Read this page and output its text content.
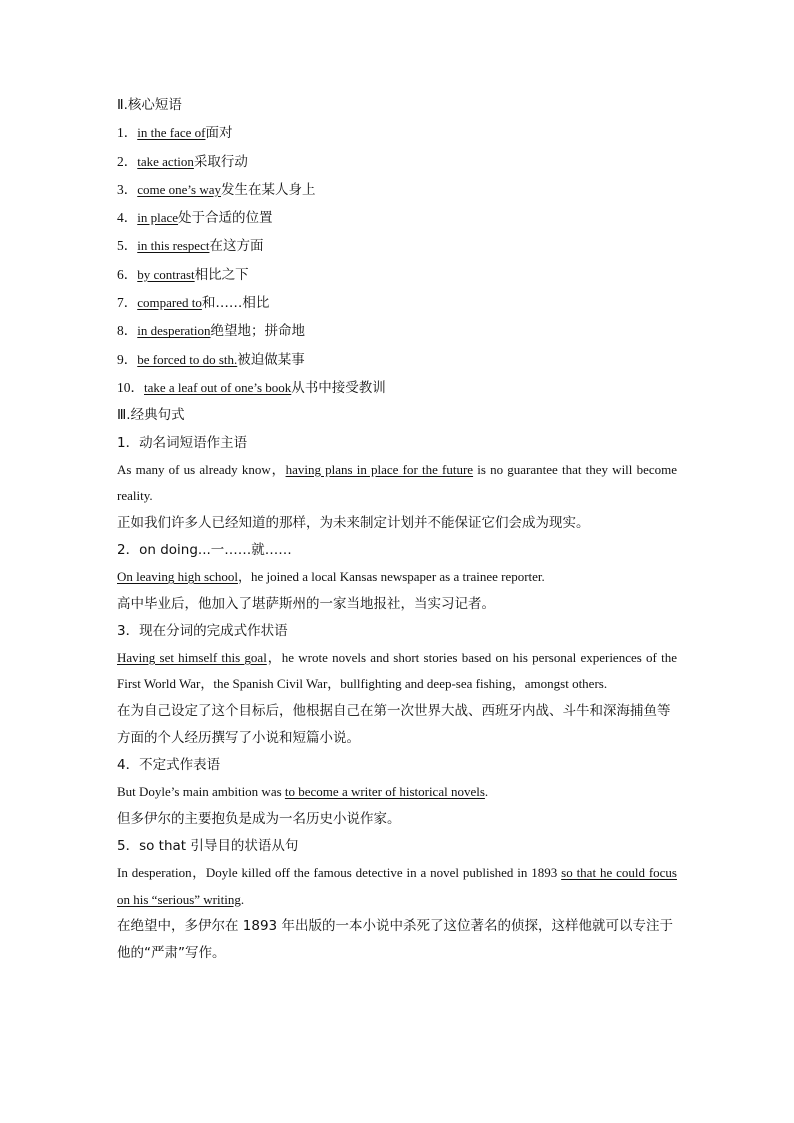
Ⅱ.核心短语
1．in the face of面对
2．take action采取行动
3．come one’s way发生在某人身上
4．in place处于合适的位置
5．in this respect在这方面
6．by contrast相比之下
7．compared to和……相比
8．in desperation绝望地；拼命地
9．be forced to do sth.被迫做某事
10．take a leaf out of one’s book从书中接受教训
Ⅲ.经典句式
1．动名词短语作主语
As many of us already know，having plans in place for the future is no guarantee that they will become reality.
正如我们许多人已经知道的那样，为未来制定计划并不能保证它们会成为现实。
2．on doing...一……就……
On leaving high school，he joined a local Kansas newspaper as a trainee reporter.
高中毕业后，他加入了堪萨斯州的一家当地报社，当实习记者。
3．现在分词的完成式作状语
Having set himself this goal，he wrote novels and short stories based on his personal experiences of the First World War，the Spanish Civil War，bullfighting and deep-sea fishing，amongst others.
在为自己设定了这个目标后，他根据自己在第一次世界大战、西班牙内战、斗牛和深海捕鱼等方面的个人经历撰写了小说和短篇小说。
4．不定式作表语
But Doyle’s main ambition was to become a writer of historical novels.
但多伊尔的主要抱负是成为一名历史小说作家。
5．so that 引导目的状语从句
In desperation，Doyle killed off the famous detective in a novel published in 1893 so that he could focus on his “serious” writing.
在绝望中，多伊尔在 1893 年出版的一本小说中杀死了这位著名的侦探，这样他就可以专注于他的“严肃”写作。
